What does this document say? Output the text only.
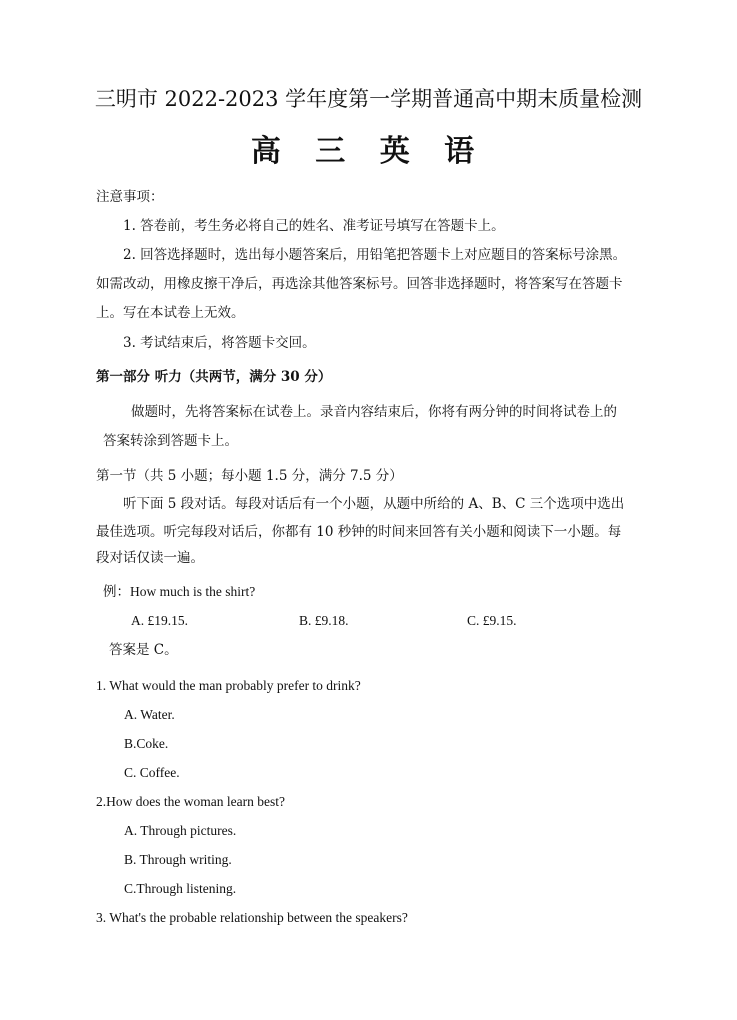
三明市 2022-2023 学年度第一学期普通高中期末质量检测
高 三 英 语
注意事项：
1. 答卷前，考生务必将自己的姓名、准考证号填写在答题卡上。
2. 回答选择题时，选出每小题答案后，用铅笔把答题卡上对应题目的答案标号涂黑。
如需改动，用橡皮擦干净后，再选涂其他答案标号。回答非选择题时，将答案写在答题卡
上。写在本试卷上无效。
3. 考试结束后，将答题卡交回。
第一部分 听力（共两节，满分 30 分）
做题时，先将答案标在试卷上。录音内容结束后，你将有两分钟的时间将试卷上的
答案转涂到答题卡上。
第一节（共 5 小题；每小题 1.5 分，满分 7.5 分）
听下面 5 段对话。每段对话后有一个小题，从题中所给的 A、B、C 三个选项中选出
最佳选项。听完每段对话后，你都有 10 秒钟的时间来回答有关小题和阅读下一小题。每
段对话仅读一遍。
例：How much is the shirt?
A. £19.15.	B. £9.18.	C. £9.15.
答案是 C。
1. What would the man probably prefer to drink?
A. Water.
B.Coke.
C. Coffee.
2.How does the woman learn best?
A. Through pictures.
B. Through writing.
C.Through listening.
3. What's the probable relationship between the speakers?
